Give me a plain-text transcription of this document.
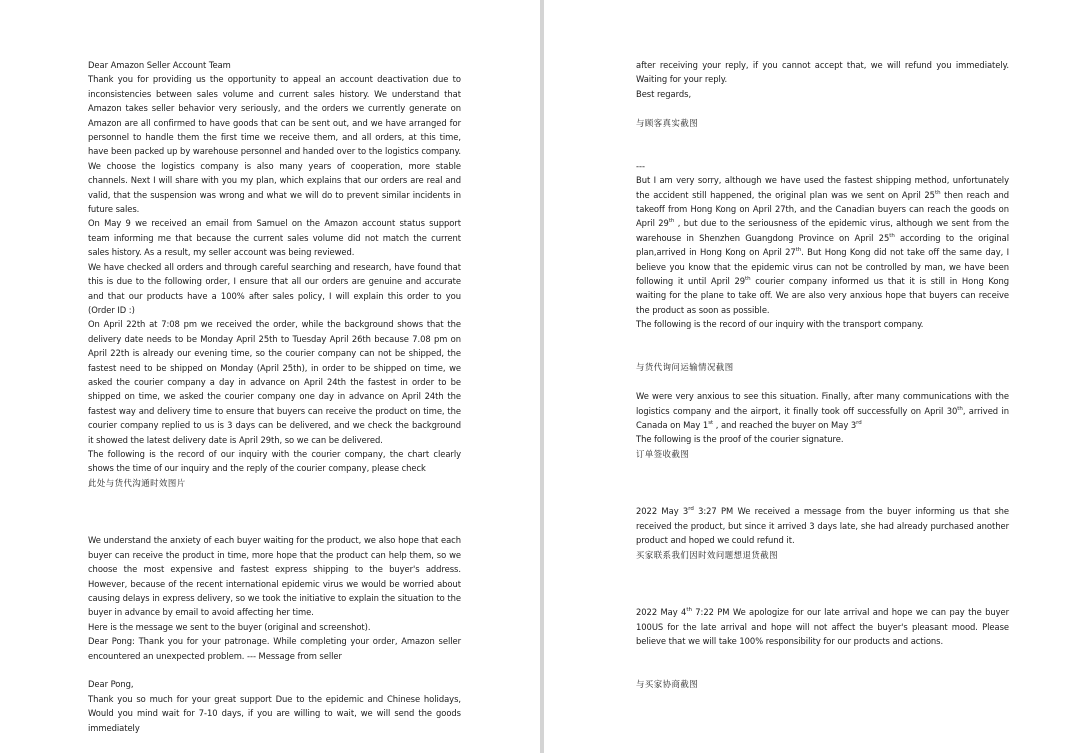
Dear Amazon Seller Account Team

Thank you for providing us the opportunity to appeal an account deactivation due to inconsistencies between sales volume and current sales history. We understand that Amazon takes seller behavior very seriously, and the orders we currently generate on Amazon are all confirmed to have goods that can be sent out, and we have arranged for personnel to handle them the first time we receive them, and all orders, at this time, have been packed up by warehouse personnel and handed over to the logistics company. We choose the logistics company is also many years of cooperation, more stable channels. Next I will share with you my plan, which explains that our orders are real and valid, that the suspension was wrong and what we will do to prevent similar incidents in future sales.

On May 9 we received an email from Samuel on the Amazon account status support team informing me that because the current sales volume did not match the current sales history. As a result, my seller account was being reviewed.

We have checked all orders and through careful searching and research, have found that this is due to the following order, I ensure that all our orders are genuine and accurate and that our products have a 100% after sales policy, I will explain this order to you (Order ID :)

On April 22th at 7:08 pm we received the order, while the background shows that the delivery date needs to be Monday April 25th to Tuesday April 26th because 7.08 pm on April 22th is already our evening time, so the courier company can not be shipped, the fastest need to be shipped on Monday (April 25th), in order to be shipped on time, we asked the courier company a day in advance on April 24th the fastest in order to be shipped on time, we asked the courier company one day in advance on April 24th the fastest way and delivery time to ensure that buyers can receive the product on time, the courier company replied to us is 3 days can be delivered, and we check the background it showed the latest delivery date is April 29th, so we can be delivered.

The following is the record of our inquiry with the courier company, the chart clearly shows the time of our inquiry and the reply of the courier company, please check

此处与货代沟通时效图片

We understand the anxiety of each buyer waiting for the product, we also hope that each buyer can receive the product in time, more hope that the product can help them, so we choose the most expensive and fastest express shipping to the buyer's address. However, because of the recent international epidemic virus we would be worried about causing delays in express delivery, so we took the initiative to explain the situation to the buyer in advance by email to avoid affecting her time.

Here is the message we sent to the buyer (original and screenshot).

Dear Pong: Thank you for your patronage. While completing your order, Amazon seller encountered an unexpected problem. --- Message from seller

Dear Pong,

Thank you so much for your great support Due to the epidemic and Chinese holidays, Would you mind wait for 7-10 days, if you are willing to wait, we will send the goods immediately

after receiving your reply, if you cannot accept that, we will refund you immediately. Waiting for your reply.

Best regards,

与顾客真实截图

---

But I am very sorry, although we have used the fastest shipping method, unfortunately the accident still happened, the original plan was we sent on April 25th then reach and takeoff from Hong Kong on April 27th, and the Canadian buyers can reach the goods on April 29th , but due to the seriousness of the epidemic virus, although we sent from the warehouse in Shenzhen Guangdong Province on April 25th according to the original plan,arrived in Hong Kong on April 27th. But Hong Kong did not take off the same day, I believe you know that the epidemic virus can not be controlled by man, we have been following it until April 29th courier company informed us that it is still in Hong Kong waiting for the plane to take off. We are also very anxious hope that buyers can receive the product as soon as possible.

The following is the record of our inquiry with the transport company.

与货代询问运输情况截图

We were very anxious to see this situation. Finally, after many communications with the logistics company and the airport, it finally took off successfully on April 30th, arrived in Canada on May 1st , and reached the buyer on May 3rd

The following is the proof of the courier signature.

订单签收截图

2022 May 3rd 3:27 PM We received a message from the buyer informing us that she received the product, but since it arrived 3 days late, she had already purchased another product and hoped we could refund it.

买家联系我们因时效问题想退货截图

2022 May 4th 7:22 PM We apologize for our late arrival and hope we can pay the buyer 100US for the late arrival and hope will not affect the buyer's pleasant mood. Please believe that we will take 100% responsibility for our products and actions.

与买家协商截图
